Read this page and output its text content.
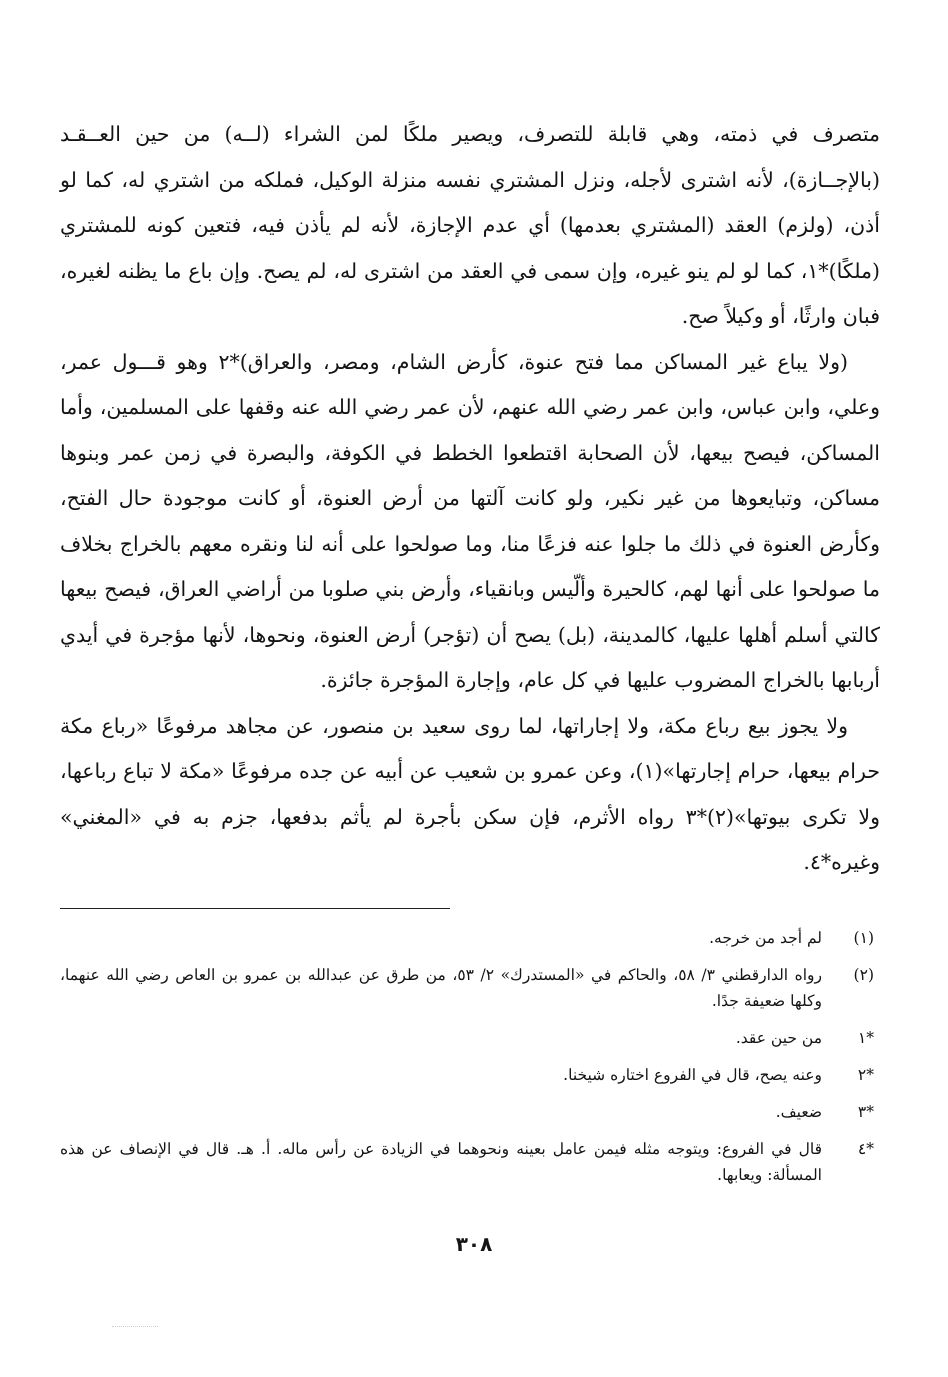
متصرف في ذمته، وهي قابلة للتصرف، ويصير ملكًا لمن الشراء (لــه) من حين العــقـد (بالإجــازة)، لأنه اشترى لأجله، ونزل المشتري نفسه منزلة الوكيل، فملكه من اشتري له، كما لو أذن، (ولزم) العقد (المشتري بعدمها) أي عدم الإجازة، لأنه لم يأذن فيه، فتعين كونه للمشتري (ملكًا)*١، كما لو لم ينو غيره، وإن سمى في العقد من اشترى له، لم يصح. وإن باع ما يظنه لغيره، فبان وارثًا، أو وكيلاً صح.

(ولا يباع غير المساكن مما فتح عنوة، كأرض الشام، ومصر، والعراق)*٢ وهو قـــول عمر، وعلي، وابن عباس، وابن عمر رضي الله عنهم، لأن عمر رضي الله عنه وقفها على المسلمين، وأما المساكن، فيصح بيعها، لأن الصحابة اقتطعوا الخطط في الكوفة، والبصرة في زمن عمر وبنوها مساكن، وتبايعوها من غير نكير، ولو كانت آلتها من أرض العنوة، أو كانت موجودة حال الفتح، وكأرض العنوة في ذلك ما جلوا عنه فزعًا منا، وما صولحوا على أنه لنا ونقره معهم بالخراج بخلاف ما صولحوا على أنها لهم، كالحيرة وألّيس وبانقياء، وأرض بني صلوبا من أراضي العراق، فيصح بيعها كالتي أسلم أهلها عليها، كالمدينة، (بل) يصح أن (تؤجر) أرض العنوة، ونحوها، لأنها مؤجرة في أيدي أربابها بالخراج المضروب عليها في كل عام، وإجارة المؤجرة جائزة.

ولا يجوز بيع رباع مكة، ولا إجاراتها، لما روى سعيد بن منصور، عن مجاهد مرفوعًا «رباع مكة حرام بيعها، حرام إجارتها»(١)، وعن عمرو بن شعيب عن أبيه عن جده مرفوعًا «مكة لا تباع رباعها، ولا تكرى بيوتها»(٢)*٣ رواه الأثرم، فإن سكن بأجرة لم يأثم بدفعها، جزم به في «المغني» وغيره*٤.

(١)
لم أجد من خرجه.
(٢)
رواه الدارقطني ٣/ ٥٨، والحاكم في «المستدرك» ٢/ ٥٣، من طرق عن عبدالله بن عمرو بن العاص رضي الله عنهما، وكلها ضعيفة جدًا.
*١
من حين عقد.
*٢
وعنه يصح، قال في الفروع اختاره شيخنا.
*٣
ضعيف.
*٤
قال في الفروع: ويتوجه مثله فيمن عامل بعينه ونحوهما في الزيادة عن رأس ماله. أ. هـ. قال في الإنصاف عن هذه المسألة: ويعابها.
٣٠٨
